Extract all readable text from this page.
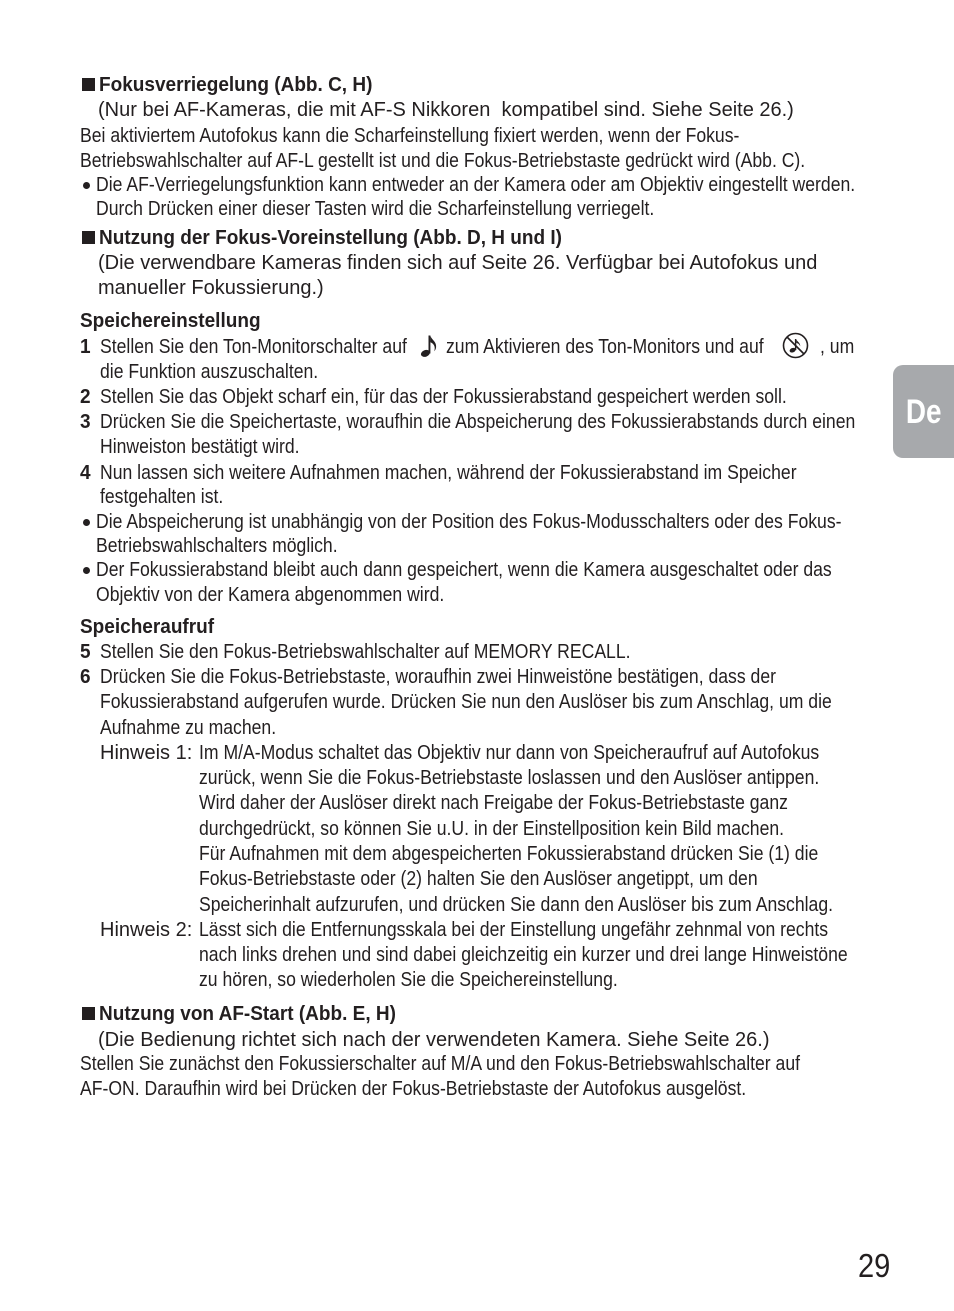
Fokusverriegelung (Abb. C, H)
(Nur bei AF-Kameras, die mit AF-S Nikkoren  kompatibel sind. Siehe Seite 26.)
Bei aktiviertem Autofokus kann die Scharfeinstellung fixiert werden, wenn der Fokus-
Betriebswahlschalter auf AF-L gestellt ist und die Fokus-Betriebstaste gedrückt wird (Abb. C).
Die AF-Verriegelungsfunktion kann entweder an der Kamera oder am Objektiv eingestellt werden.
Durch Drücken einer dieser Tasten wird die Scharfeinstellung verriegelt.
Nutzung der Fokus-Voreinstellung (Abb. D, H und I)
(Die verwendbare Kameras finden sich auf Seite 26. Verfügbar bei Autofokus und
manueller Fokussierung.)
Speichereinstellung
1 Stellen Sie den Ton-Monitorschalter auf zum Aktivieren des Ton-Monitors und auf	, um
die Funktion auszuschalten.
2 Stellen Sie das Objekt scharf ein, für das der Fokussierabstand gespeichert werden soll.
3 Drücken Sie die Speichertaste, woraufhin die Abspeicherung des Fokussierabstands durch einen
Hinweiston bestätigt wird.
4 Nun lassen sich weitere Aufnahmen machen, während der Fokussierabstand im Speicher
festgehalten ist.
Die Abspeicherung ist unabhängig von der Position des Fokus-Modusschalters oder des Fokus-
Betriebswahlschalters möglich.
Der Fokussierabstand bleibt auch dann gespeichert, wenn die Kamera ausgeschaltet oder das
Objektiv von der Kamera abgenommen wird.
Speicheraufruf
5 Stellen Sie den Fokus-Betriebswahlschalter auf MEMORY RECALL.
6 Drücken Sie die Fokus-Betriebstaste, woraufhin zwei Hinweistöne bestätigen, dass der
Fokussierabstand aufgerufen wurde. Drücken Sie nun den Auslöser bis zum Anschlag, um die
Aufnahme zu machen.
Hinweis 1: Im M/A-Modus schaltet das Objektiv nur dann von Speicheraufruf auf Autofokus
zurück, wenn Sie die Fokus-Betriebstaste loslassen und den Auslöser antippen.
Wird daher der Auslöser direkt nach Freigabe der Fokus-Betriebstaste ganz
durchgedrückt, so können Sie u.U. in der Einstellposition kein Bild machen.
Für Aufnahmen mit dem abgespeicherten Fokussierabstand drücken Sie (1) die
Fokus-Betriebstaste oder (2) halten Sie den Auslöser angetippt, um den
Speicherinhalt aufzurufen, und drücken Sie dann den Auslöser bis zum Anschlag.
Hinweis 2: Lässt sich die Entfernungsskala bei der Einstellung ungefähr zehnmal von rechts
nach links drehen und sind dabei gleichzeitig ein kurzer und drei lange Hinweistöne
zu hören, so wiederholen Sie die Speichereinstellung.
Nutzung von AF-Start (Abb. E, H)
(Die Bedienung richtet sich nach der verwendeten Kamera. Siehe Seite 26.)
Stellen Sie zunächst den Fokussierschalter auf M/A und den Fokus-Betriebswahlschalter auf
AF-ON. Daraufhin wird bei Drücken der Fokus-Betriebstaste der Autofokus ausgelöst.
De
29
